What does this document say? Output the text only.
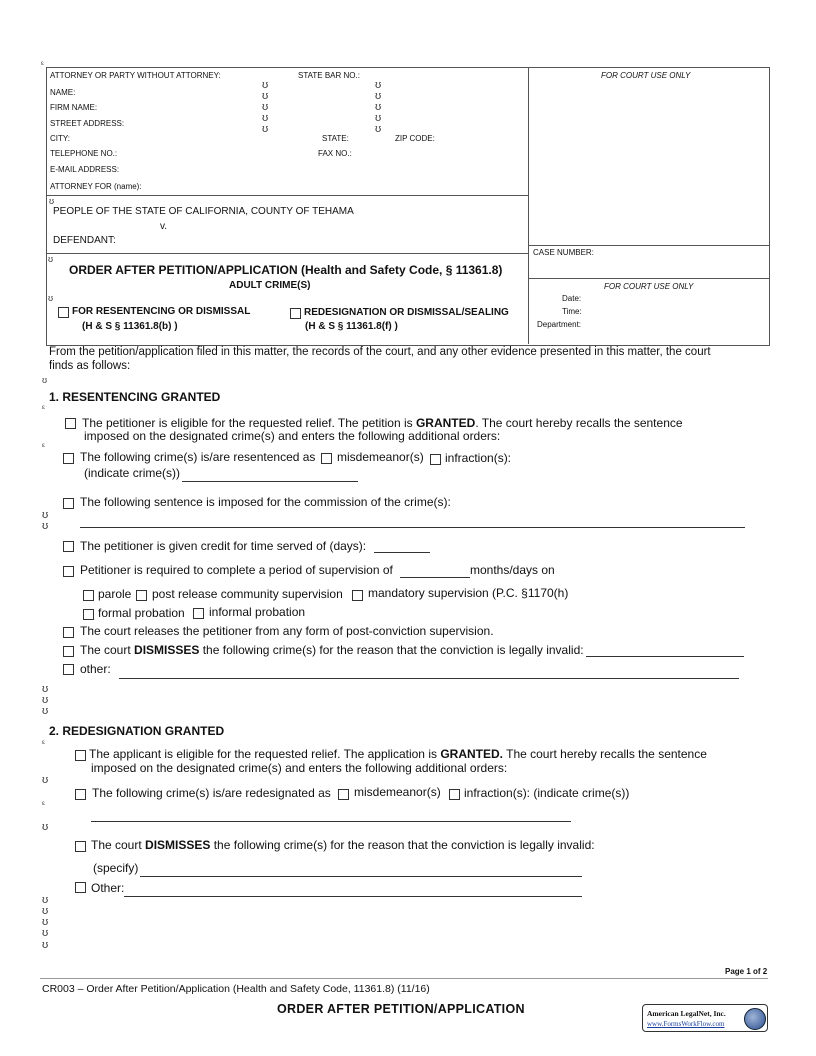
ATTORNEY OR PARTY WITHOUT ATTORNEY:	STATE BAR NO.:
NAME:
FIRM NAME:
STREET ADDRESS:
CITY:	STATE:	ZIP CODE:
TELEPHONE NO.:	FAX NO.:
E-MAIL ADDRESS:
ATTORNEY FOR (name):
FOR COURT USE ONLY
CASE NUMBER:
FOR COURT USE ONLY
Date:
Time:
Department:
PEOPLE OF THE STATE OF CALIFORNIA, COUNTY OF TEHAMA
v.
DEFENDANT:
ORDER AFTER PETITION/APPLICATION (Health and Safety Code, § 11361.8)
ADULT CRIME(S)
FOR RESENTENCING OR DISMISSAL
(H & S § 11361.8(b) )
REDESIGNATION OR DISMISSAL/SEALING
(H & S § 11361.8(f) )
From the petition/application filed in this matter, the records of the court, and any other evidence presented in this matter, the court
finds as follows:
1. RESENTENCING GRANTED
The petitioner is eligible for the requested relief. The petition is GRANTED. The court hereby recalls the sentence
imposed on the designated crime(s) and enters the following additional orders:
The following crime(s) is/are resentenced as misdemeanor(s) infraction(s):
(indicate crime(s))
The following sentence is imposed for the commission of the crime(s):
The petitioner is given credit for time served of (days):
Petitioner is required to complete a period of supervision of	months/days on
parole post release community supervision mandatory supervision (P.C. §1170(h)
formal probation informal probation
The court releases the petitioner from any form of post-conviction supervision.
The court DISMISSES the following crime(s) for the reason that the conviction is legally invalid:
other:
2. REDESIGNATION GRANTED
The applicant is eligible for the requested relief. The application is GRANTED. The court hereby recalls the sentence
imposed on the designated crime(s) and enters the following additional orders:
The following crime(s) is/are redesignated as misdemeanor(s) infraction(s): (indicate crime(s))
The court DISMISSES the following crime(s) for the reason that the conviction is legally invalid:
(specify)
Other:
ᵋ
ʊ
ʊ
ʊ
ʊ
ʊ
ʊ
ʊ
ʊ
ʊ
ʊ
ʊ
ʊ
ʊ
ʊ
ᵋ
ᵋ
ʊ
ʊ
ʊ
ʊ
ʊ
ᵋ
ʊ
ᵋ
ʊ
ʊ
ʊ
ʊ
ʊ
ʊ
Page 1 of 2
CR003 – Order After Petition/Application (Health and Safety Code, 11361.8) (11/16)
ORDER AFTER PETITION/APPLICATION	American LegalNet, Inc.
www.FormsWorkFlow.com
